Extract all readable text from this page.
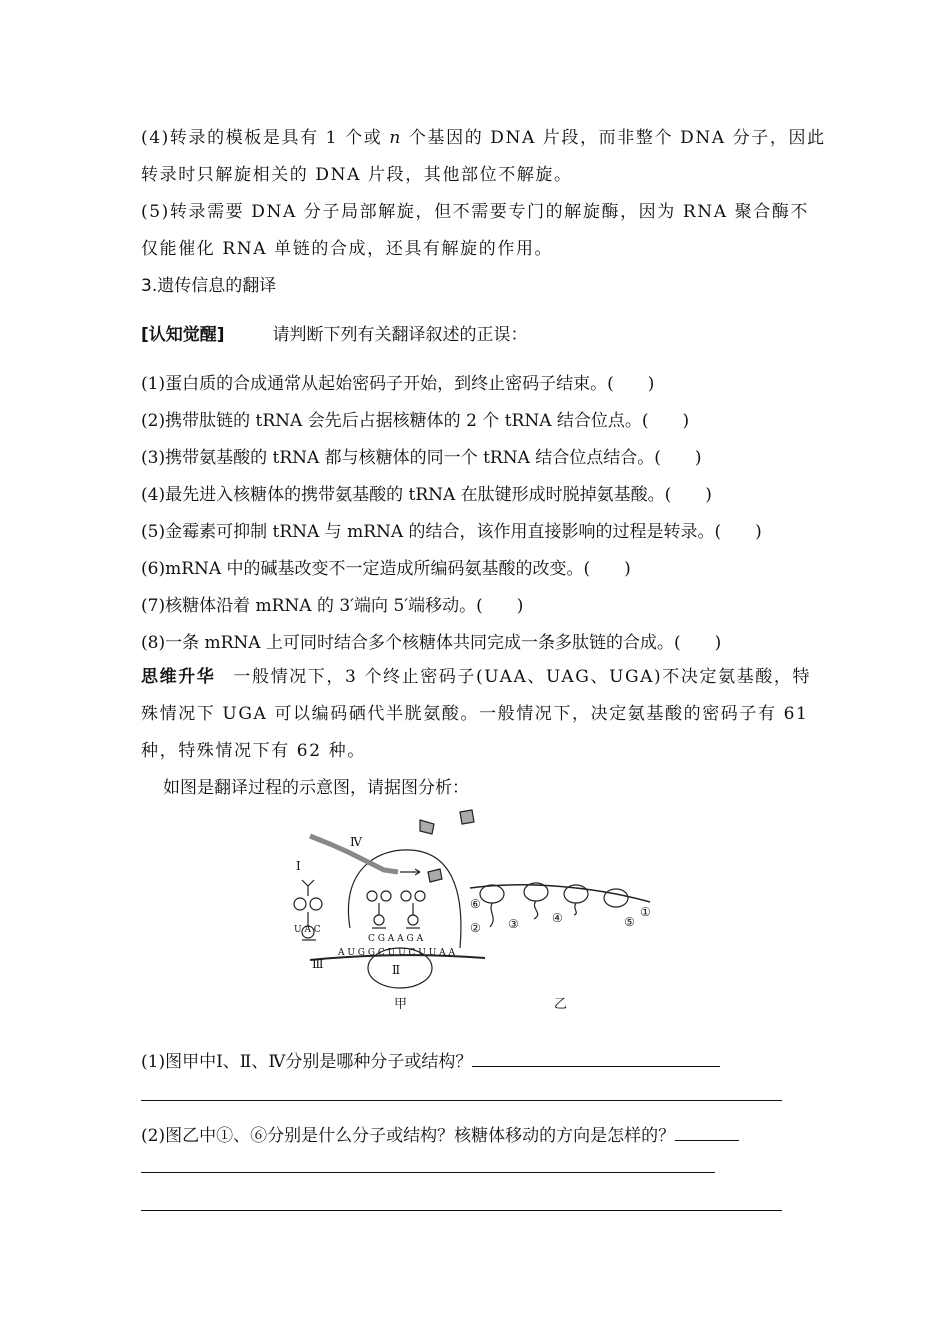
(4)转录的模板是具有 1 个或 n 个基因的 DNA 片段，而非整个 DNA 分子，因此
转录时只解旋相关的 DNA 片段，其他部位不解旋。
(5)转录需要 DNA 分子局部解旋，但不需要专门的解旋酶，因为 RNA 聚合酶不
仅能催化 RNA 单链的合成，还具有解旋的作用。
3.遗传信息的翻译
[认知觉醒]	请判断下列有关翻译叙述的正误：
(1)蛋白质的合成通常从起始密码子开始，到终止密码子结束。(　　)
(2)携带肽链的 tRNA 会先后占据核糖体的 2 个 tRNA 结合位点。(　　)
(3)携带氨基酸的 tRNA 都与核糖体的同一个 tRNA 结合位点结合。(　　)
(4)最先进入核糖体的携带氨基酸的 tRNA 在肽键形成时脱掉氨基酸。(　　)
(5)金霉素可抑制 tRNA 与 mRNA 的结合，该作用直接影响的过程是转录。(　　)
(6)mRNA 中的碱基改变不一定造成所编码氨基酸的改变。(　　)
(7)核糖体沿着 mRNA 的 3′端向 5′端移动。(　　)
(8)一条 mRNA 上可同时结合多个核糖体共同完成一条多肽链的合成。(　　)
思维升华 一般情况下，3 个终止密码子(UAA、UAG、UGA)不决定氨基酸，特
殊情况下 UGA 可以编码硒代半胱氨酸。一般情况下，决定氨基酸的密码子有 61
种，特殊情况下有 62 种。
如图是翻译过程的示意图，请据图分析：
Ⅰ
Ⅳ
Ⅱ
Ⅲ
U A C
C G A A G A
A U G G C U U C U U A A
甲	乙
①
② ③	④	⑤
⑥
(1)图甲中Ⅰ、Ⅱ、Ⅳ分别是哪种分子或结构？
(2)图乙中①、⑥分别是什么分子或结构？核糖体移动的方向是怎样的？
